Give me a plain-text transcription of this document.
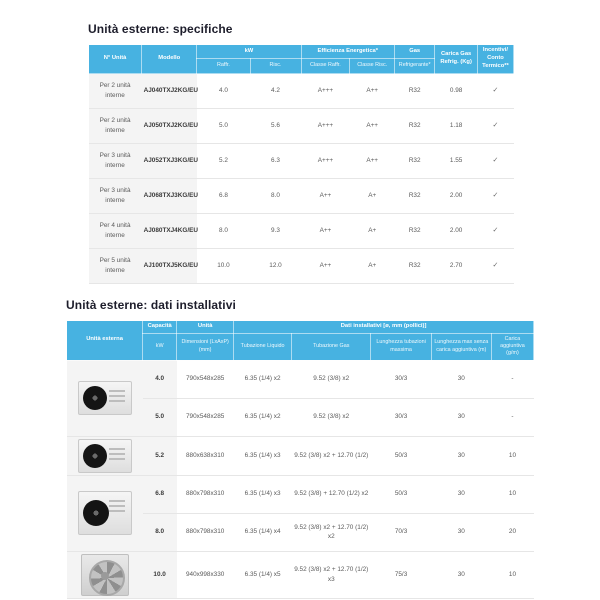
Unità esterne: specifiche
N° Unità	Modello	kW		Efficienza Energetica*		Gas	Carica Gas Refrig. (Kg)	Incentivi/ Conto Termico**
		Raffr.	Risc.	Classe Raffr.	Classe Risc.	Refrigerante*		
Per 2 unità interne	AJ040TXJ2KG/EU	4.0	4.2	A+++	A++	R32	0.98	✓
Per 2 unità interne	AJ050TXJ2KG/EU	5.0	5.6	A+++	A++	R32	1.18	✓
Per 3 unità interne	AJ052TXJ3KG/EU	5.2	6.3	A+++	A++	R32	1.55	✓
Per 3 unità interne	AJ068TXJ3KG/EU	6.8	8.0	A++	A+	R32	2.00	✓
Per 4 unità interne	AJ080TXJ4KG/EU	8.0	9.3	A++	A+	R32	2.00	✓
Per 5 unità interne	AJ100TXJ5KG/EU	10.0	12.0	A++	A+	R32	2.70	✓
Unità esterne: dati installativi
Unità esterna	Capacità	Unità	Dati installativi [ø, mm (pollici)]				
	kW	Dimensioni (LxAxP) (mm)	Tubazione Liquido	Tubazione Gas	Lunghezza tubazioni massima	Lunghezza max senza carica aggiuntiva (m)	Carica aggiuntiva (g/m)

	4.0	790x548x285	6.35 (1/4) x2	9.52 (3/8) x2	30/3	30	-
	5.0	790x548x285	6.35 (1/4) x2	9.52 (3/8) x2	30/3	30	-

	5.2	880x638x310	6.35 (1/4) x3	9.52 (3/8) x2 + 12.70 (1/2)	50/3	30	10

	6.8	880x798x310	6.35 (1/4) x3	9.52 (3/8) + 12.70 (1/2) x2	50/3	30	10
	8.0	880x798x310	6.35 (1/4) x4	9.52 (3/8) x2 + 12.70 (1/2) x2	70/3	30	20

	10.0	940x998x330	6.35 (1/4) x5	9.52 (3/8) x2 + 12.70 (1/2) x3	75/3	30	10
